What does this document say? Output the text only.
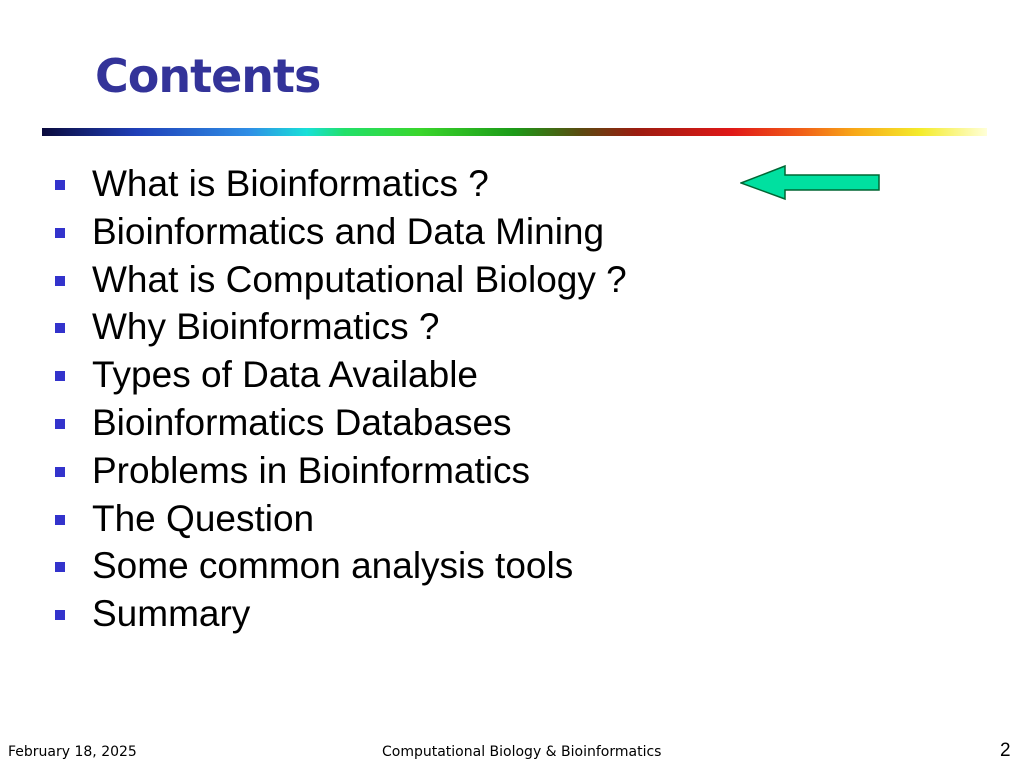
Contents
What is Bioinformatics ?
Bioinformatics and Data Mining
What is Computational Biology ?
Why Bioinformatics ?
Types of Data Available
Bioinformatics Databases
Problems in Bioinformatics
The Question
Some common analysis tools
Summary
February 18, 2025	Computational Biology & Bioinformatics	2
